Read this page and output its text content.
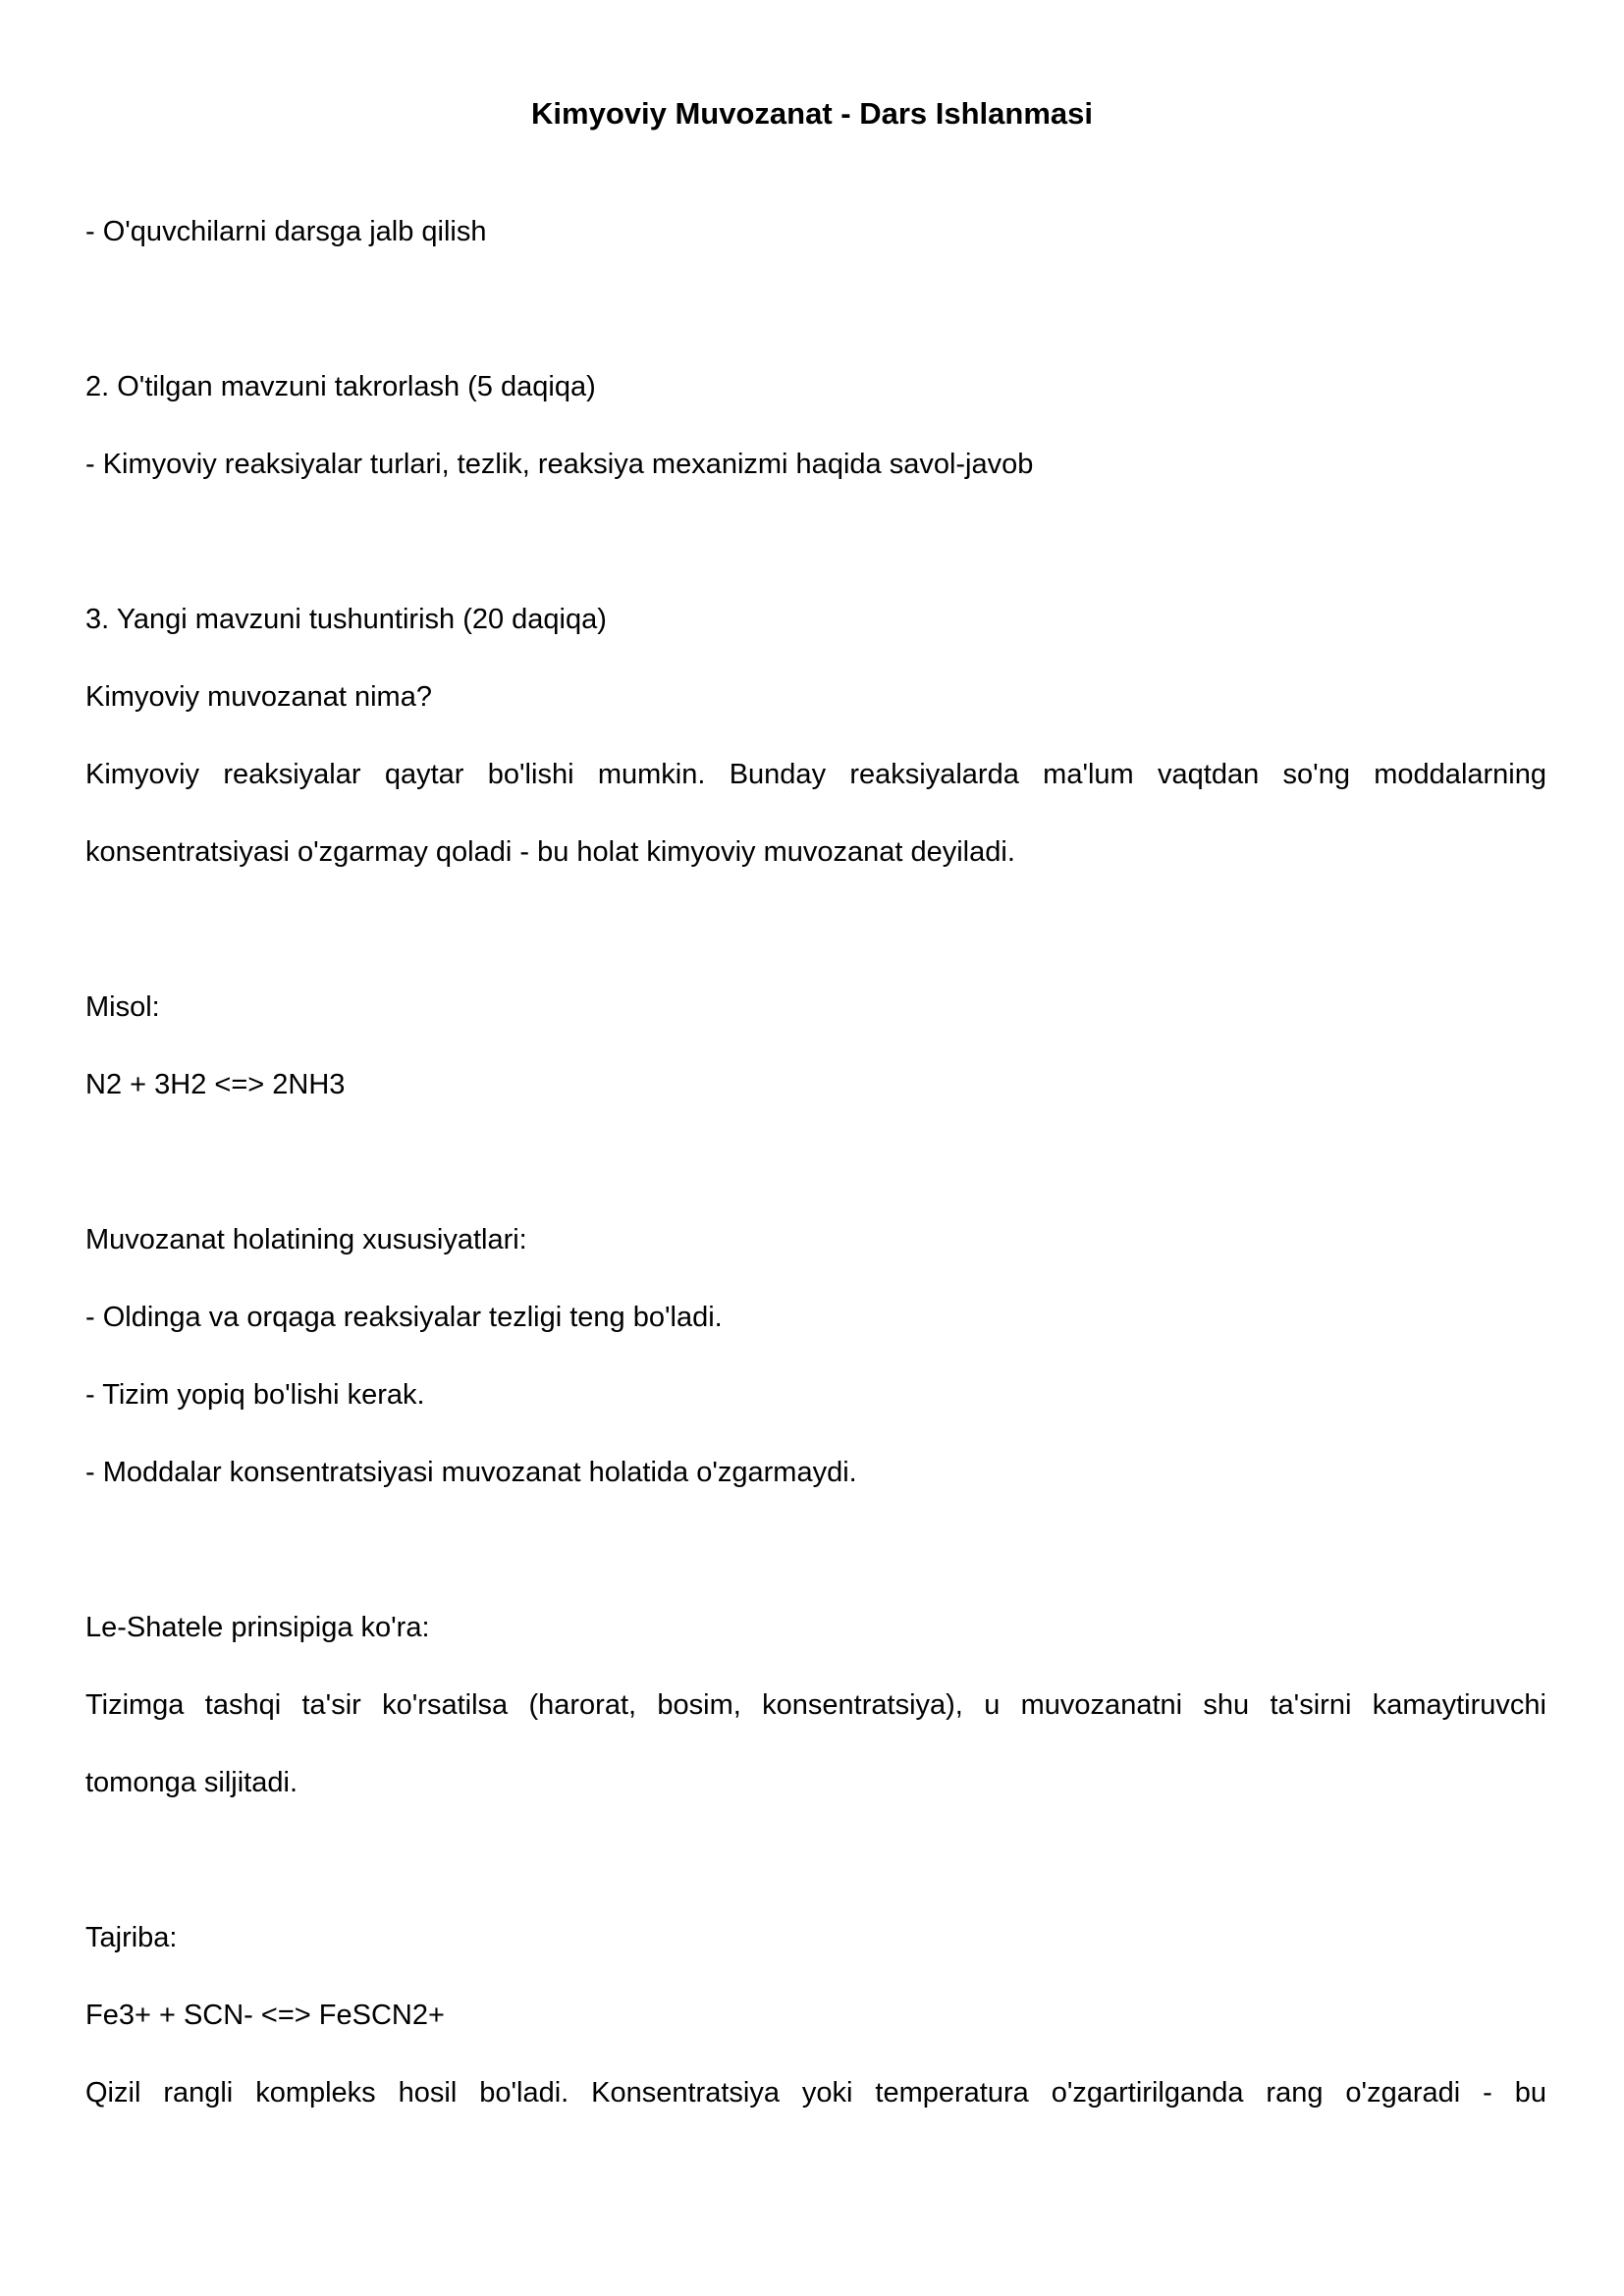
Kimyoviy Muvozanat - Dars Ishlanmasi
- O'quvchilarni darsga jalb qilish
2. O'tilgan mavzuni takrorlash (5 daqiqa)
- Kimyoviy reaksiyalar turlari, tezlik, reaksiya mexanizmi haqida savol-javob
3. Yangi mavzuni tushuntirish (20 daqiqa)
Kimyoviy muvozanat nima?
Kimyoviy reaksiyalar qaytar bo'lishi mumkin. Bunday reaksiyalarda ma'lum vaqtdan so'ng moddalarning
konsentratsiyasi o'zgarmay qoladi - bu holat kimyoviy muvozanat deyiladi.
Misol:
N2 + 3H2 <=> 2NH3
Muvozanat holatining xususiyatlari:
- Oldinga va orqaga reaksiyalar tezligi teng bo'ladi.
- Tizim yopiq bo'lishi kerak.
- Moddalar konsentratsiyasi muvozanat holatida o'zgarmaydi.
Le-Shatele prinsipiga ko'ra:
Tizimga tashqi ta'sir ko'rsatilsa (harorat, bosim, konsentratsiya), u muvozanatni shu ta'sirni kamaytiruvchi
tomonga siljitadi.
Tajriba:
Fe3+ + SCN- <=> FeSCN2+
Qizil rangli kompleks hosil bo'ladi. Konsentratsiya yoki temperatura o'zgartirilganda rang o'zgaradi - bu
